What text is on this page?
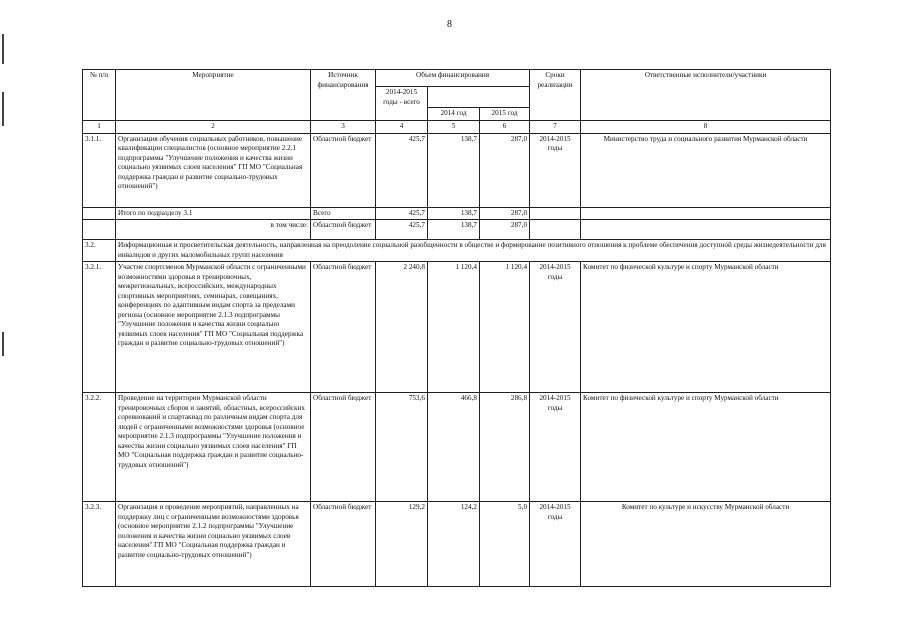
8
№ п/п	Мероприятие	Источник финансирования	Объем финансирования			Сроки реализации	Ответственные исполнители/участники
			2014-2015 годы - всего				
				2014 год	2015 год		
1	2	3	4	5	6	7	8
3.1.1.	Организация обучения социальных работников, повышение квалификации специалистов (основное мероприятие 2.2.1 подпрограммы "Улучшение положения и качества жизни социально уязвимых слоев населения" ГП МО "Социальная поддержка граждан и развитие социально-трудовых отношений")	Областной бюджет	425,7	138,7	287,0	2014-2015 годы	Министерство труда и социального развития Мурманской области
	Итого по подразделу 3.1	Всего	425,7	138,7	287,0		
	в том числе:	Областной бюджет	425,7	138,7	287,0		
3.2.	Информационная и просветительская деятельность, направленная на преодоление социальной разобщенности в обществе и формирование позитивного отношения к проблеме обеспечения доступной среды жизнедеятельности для инвалидов и других маломобильных групп населения						
3.2.1.	Участие спортсменов Мурманской области с ограниченными возможностями здоровья в тренировочных, межрегиональных, всероссийских, международных спортивных мероприятиях, семинарах, совещаниях, конференциях по адаптивным видам спорта за пределами региона (основное мероприятие 2.1.3 подпрограммы "Улучшение положения и качества жизни социально уязвимых слоев населения" ГП МО "Социальная поддержка граждан и развитие социально-трудовых отношений")	Областной бюджет	2 240,8	1 120,4	1 120,4	2014-2015 годы	Комитет по физической культуре и спорту Мурманской области
3.2.2.	Проведение на территории Мурманской области тренировочных сборов и занятий, областных, всероссийских соревнований и спартакиад по различным видам спорта для людей с ограниченными возможностями здоровья (основное мероприятие 2.1.3 подпрограммы "Улучшение положения и качества жизни социально уязвимых слоев населения" ГП МО "Социальная поддержка граждан и развитие социально-трудовых отношений")	Областной бюджет	753,6	466,8	286,8	2014-2015 годы	Комитет по физической культуре и спорту Мурманской области
3.2.3.	Организация и проведение мероприятий, направленных на поддержку лиц с ограниченными возможностями здоровья (основное мероприятие 2.1.2 подпрограммы "Улучшение положения и качества жизни социально уязвимых слоев населения" ГП МО "Социальная поддержка граждан и развитие социально-трудовых отношений")	Областной бюджет	129,2	124,2	5,0	2014-2015 годы	Комитет по культуре и искусству Мурманской области
